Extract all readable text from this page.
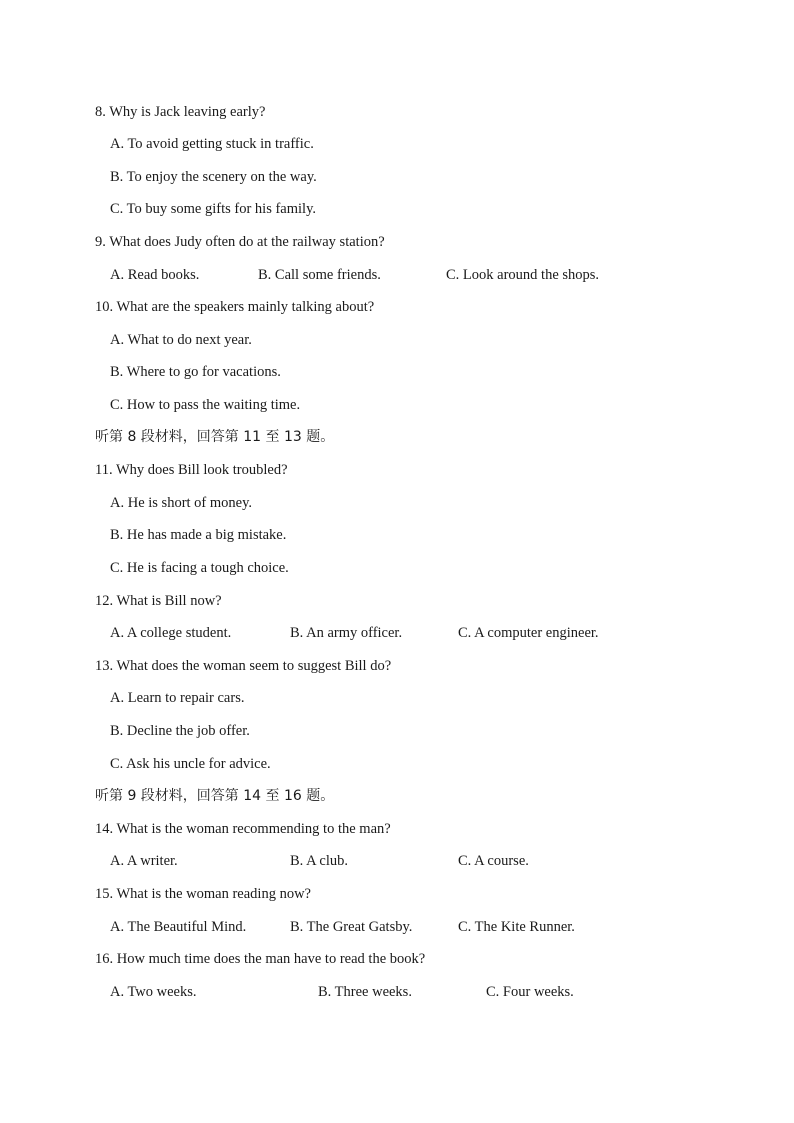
8. Why is Jack leaving early?
A. To avoid getting stuck in traffic.
B. To enjoy the scenery on the way.
C. To buy some gifts for his family.
9. What does Judy often do at the railway station?
A. Read books.	B. Call some friends.	C. Look around the shops.
10. What are the speakers mainly talking about?
A. What to do next year.
B. Where to go for vacations.
C. How to pass the waiting time.
听第 8 段材料，回答第 11 至 13 题。
11. Why does Bill look troubled?
A. He is short of money.
B. He has made a big mistake.
C. He is facing a tough choice.
12. What is Bill now?
A. A college student.	B. An army officer.	C. A computer engineer.
13. What does the woman seem to suggest Bill do?
A. Learn to repair cars.
B. Decline the job offer.
C. Ask his uncle for advice.
听第 9 段材料，回答第 14 至 16 题。
14. What is the woman recommending to the man?
A. A writer.	B. A club.	C. A course.
15. What is the woman reading now?
A. The Beautiful Mind.	B. The Great Gatsby.	C. The Kite Runner.
16. How much time does the man have to read the book?
A. Two weeks.	B. Three weeks.	C. Four weeks.
